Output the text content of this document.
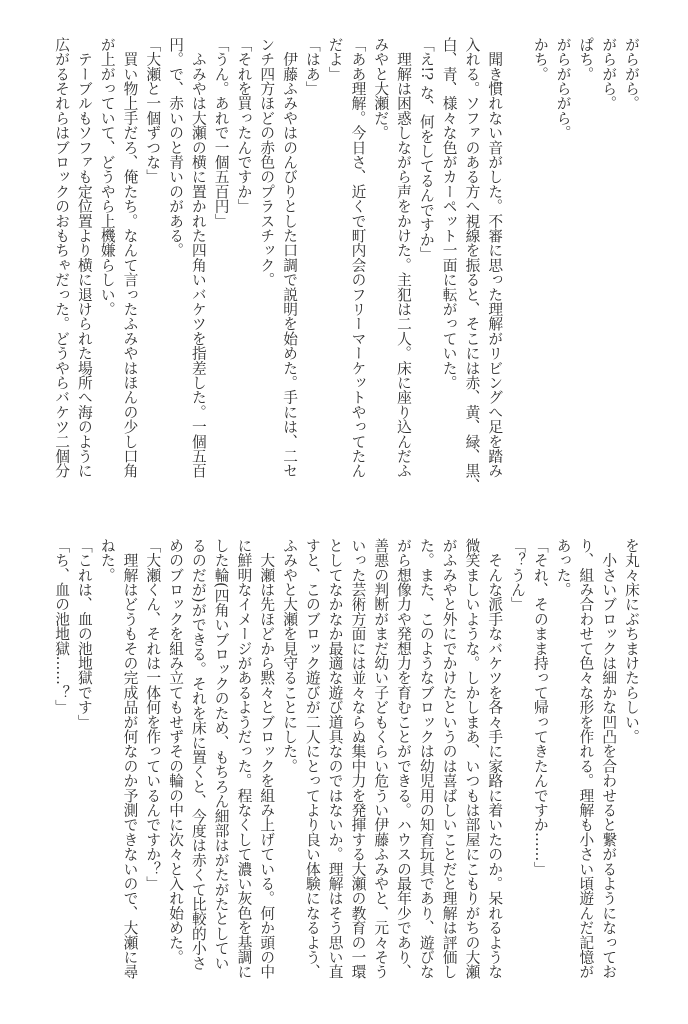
がらがら。
がらがら。
ぱち。
がらがらがら。
かち。
　聞き慣れない音がした。不審に思った理解がリビングへ足を踏み
入れる。ソファのある方へ視線を振ると、そこには赤、黄、緑、黒、
白、青、様々な色がカーペット一面に転がっていた。
「え!? な、何をしてるんですか」
　理解は困惑しながら声をかけた。主犯は二人。床に座り込んだふ
みやと大瀬だ。
「ああ理解。今日さ、近くで町内会のフリーマーケットやってたん
だよ」
「はあ」
　伊藤ふみやはのんびりとした口調で説明を始めた。手には、二セ
ンチ四方ほどの赤色のプラスチック。
「それを買ったんですか」
「うん。あれで一個五百円」
　ふみやは大瀬の横に置かれた四角いバケツを指差した。一個五百
円。で、赤いのと青いのがある。
「大瀬と一個ずつな」
　買い物上手だろ、俺たち。なんて言ったふみやはほんの少し口角
が上がっていて、どうやら上機嫌らしい。
　テーブルもソファも定位置より横に退けられた場所へ海のように
広がるそれらはブロックのおもちゃだった。どうやらバケツ二個分
を丸々床にぶちまけたらしい。
　小さいブロックは細かな凹凸を合わせると繋がるようになってお
り、組み合わせて色々な形を作れる。理解も小さい頃遊んだ記憶が
あった。
「それ、そのまま持って帰ってきたんですか……」
「？うん」
　そんな派手なバケツを各々手に家路に着いたのか。呆れるような
微笑ましいような。しかしまあ、いつもは部屋にこもりがちの大瀬
がふみやと外にでかけたというのは喜ばしいことだと理解は評価し
た。また、このようなブロックは幼児用の知育玩具であり、遊びな
がら想像力や発想力を育むことができる。ハウスの最年少であり、
善悪の判断がまだ幼い子どもくらい危うい伊藤ふみやと、元々そう
いった芸術方面には並々ならぬ集中力を発揮する大瀬の教育の一環
としてなかなか最適な遊び道具なのではないか。理解はそう思い直
すと、このブロック遊びが二人にとってより良い体験になるよう、
ふみやと大瀬を見守ることにした。
　大瀬は先ほどから黙々とブロックを組み上げている。何か頭の中
に鮮明なイメージがあるようだった。程なくして濃い灰色を基調に
した輪(四角いブロックのため、もちろん細部はがたがたとしてい
るのだが)ができる。それを床に置くと、今度は赤くて比較的小さ
めのブロックを組み立てもせずその輪の中に次々と入れ始めた。
「大瀬くん、それは一体何を作っているんですか？」
　理解はどうもその完成品が何なのか予測できないので、大瀬に尋
ねた。
「これは、血の池地獄です」
「ち、血の池地獄……？」
